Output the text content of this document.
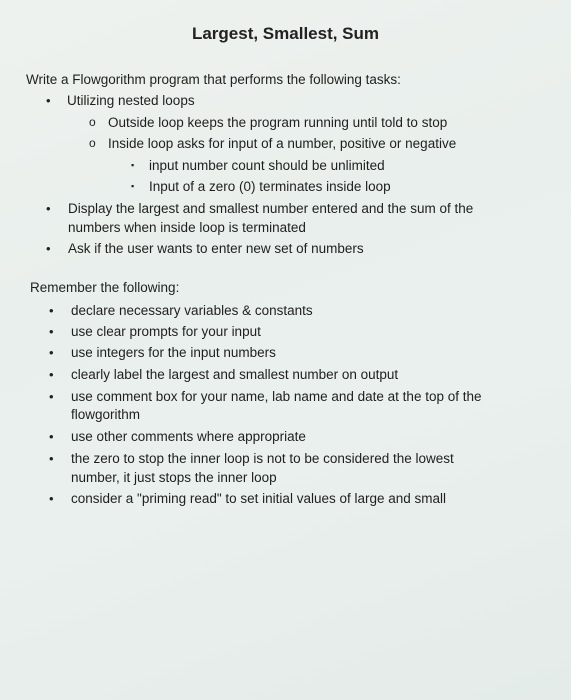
Largest, Smallest, Sum
Write a Flowgorithm program that performs the following tasks:
• Utilizing nested loops
o Outside loop keeps the program running until told to stop
o Inside loop asks for input of a number, positive or negative
▪ input number count should be unlimited
▪ Input of a zero (0) terminates inside loop
• Display the largest and smallest number entered and the sum of the
numbers when inside loop is terminated
• Ask if the user wants to enter new set of numbers
Remember the following:
• declare necessary variables & constants
• use clear prompts for your input
• use integers for the input numbers
• clearly label the largest and smallest number on output
• use comment box for your name, lab name and date at the top of the
flowgorithm
• use other comments where appropriate
• the zero to stop the inner loop is not to be considered the lowest
number, it just stops the inner loop
• consider a "priming read" to set initial values of large and small
